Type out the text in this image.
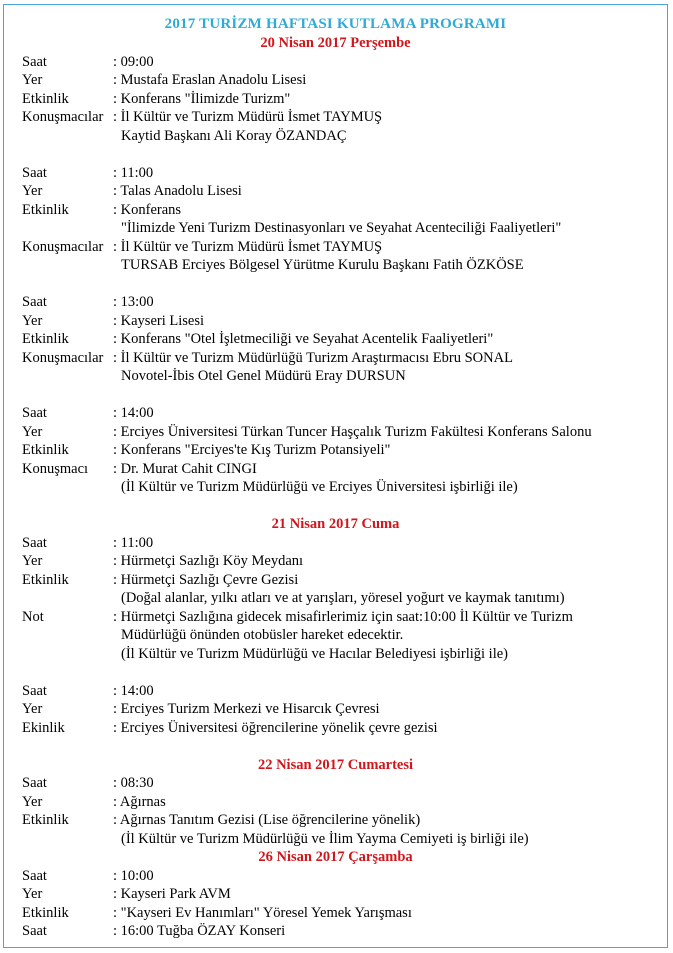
2017 TURİZM HAFTASI KUTLAMA PROGRAMI
20 Nisan 2017 Perşembe
Saat	: 09:00
Yer	: Mustafa Eraslan Anadolu Lisesi
Etkinlik	: Konferans "İlimizde Turizm"
Konuşmacılar : İl Kültür ve Turizm Müdürü İsmet TAYMUŞ
Kaytid Başkanı Ali Koray ÖZANDAÇ
Saat	: 11:00
Yer	: Talas Anadolu Lisesi
Etkinlik	: Konferans
"İlimizde Yeni Turizm Destinasyonları ve Seyahat Acenteciliği Faaliyetleri"
Konuşmacılar : İl Kültür ve Turizm Müdürü İsmet TAYMUŞ
TURSAB Erciyes Bölgesel Yürütme Kurulu Başkanı Fatih ÖZKÖSE
Saat	: 13:00
Yer	: Kayseri Lisesi
Etkinlik	: Konferans "Otel İşletmeciliği ve Seyahat Acentelik Faaliyetleri"
Konuşmacılar : İl Kültür ve Turizm Müdürlüğü Turizm Araştırmacısı Ebru SONAL
Novotel-İbis Otel Genel Müdürü Eray DURSUN
Saat	: 14:00
Yer	: Erciyes Üniversitesi Türkan Tuncer Haşçalık Turizm Fakültesi Konferans Salonu
Etkinlik	: Konferans "Erciyes'te Kış Turizm Potansiyeli"
Konuşmacı	: Dr. Murat Cahit CINGI
(İl Kültür ve Turizm Müdürlüğü ve Erciyes Üniversitesi işbirliği ile)
21 Nisan 2017 Cuma
Saat	: 11:00
Yer	: Hürmetçi Sazlığı Köy Meydanı
Etkinlik	: Hürmetçi Sazlığı Çevre Gezisi
(Doğal alanlar, yılkı atları ve at yarışları, yöresel yoğurt ve kaymak tanıtımı)
Not	: Hürmetçi Sazlığına gidecek misafirlerimiz için saat:10:00 İl Kültür ve Turizm
Müdürlüğü önünden otobüsler hareket edecektir.
(İl Kültür ve Turizm Müdürlüğü ve Hacılar Belediyesi işbirliği ile)
Saat	: 14:00
Yer	: Erciyes Turizm Merkezi ve Hisarcık Çevresi
Ekinlik	: Erciyes Üniversitesi öğrencilerine yönelik çevre gezisi
22 Nisan 2017 Cumartesi
Saat	: 08:30
Yer	: Ağırnas
Etkinlik	: Ağırnas Tanıtım Gezisi (Lise öğrencilerine yönelik)
(İl Kültür ve Turizm Müdürlüğü ve İlim Yayma Cemiyeti iş birliği ile)
26 Nisan 2017 Çarşamba
Saat	: 10:00
Yer	: Kayseri Park AVM
Etkinlik	: "Kayseri Ev Hanımları" Yöresel Yemek Yarışması
Saat	: 16:00 Tuğba ÖZAY Konseri
